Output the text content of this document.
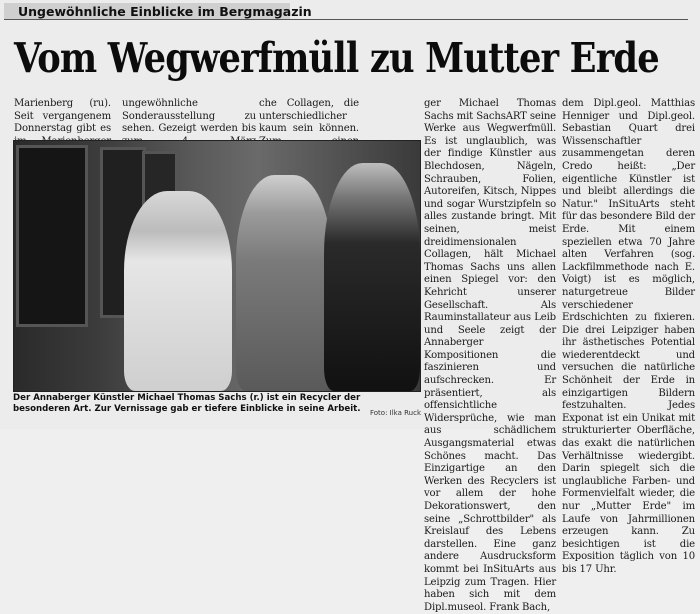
Ungewöhnliche Einblicke im Bergmagazin
Vom Wegwerfmüll zu Mutter Erde
Marienberg (ru). Seit vergangenem Donnerstag gibt es
ungewöhnliche Sonderausstellung zu sehen. Gezeigt werden bis
che Collagen, die unterschiedlicher kaum sein können.
ger Michael Thomas Sachs mit SachsART seine Werke aus Wegwerfmüll. Es ist unglaublich, was der findige Künstler aus Blechdosen, Nägeln, Schrauben, Folien, Autoreifen, Kitsch, Nippes und sogar Wurstzipfeln so alles zustande bringt. Mit seinen, meist dreidimensionalen Collagen, hält Michael Thomas Sachs uns allen einen Spiegel vor: den Kehricht unserer Gesellschaft. Als Rauminstallateur aus Leib und Seele zeigt der Annaberger Kompositionen die faszinieren und aufschrecken. Er präsentiert, als offensichtliche Widersprüche, wie man aus schädlichem Ausgangsmaterial etwas Schönes macht. Das Einzigartige an den Werken des Recyclers ist vor allem der hohe Dekorationswert, den seine „Schrottbilder" als Kreislauf des Lebens darstellen. Eine ganz andere Ausdrucksform kommt bei InSituArts aus Leipzig zum Tragen. Hier haben sich mit dem Dipl.museol. Frank Bach,
dem Dipl.geol. Matthias Henniger und Dipl.geol. Sebastian Quart drei Wissenschaftler zusammengetan deren Credo heißt: „Der eigentliche Künstler ist und bleibt allerdings die Natur." InSituArts steht für das besondere Bild der Erde. Mit einem speziellen etwa 70 Jahre alten Verfahren (sog. Lackfilmmethode nach E. Voigt) ist es möglich, naturgetreue Bilder verschiedener Erdschichten zu fixieren. Die drei Leipziger haben ihr ästhetisches Potential wiederentdeckt und versuchen die natürliche Schönheit der Erde in einzigartigen Bildern festzuhalten. Jedes Exponat ist ein Unikat mit strukturierter Oberfläche, das exakt die natürlichen Verhältnisse wiedergibt. Darin spiegelt sich die unglaubliche Farben- und Formenvielfalt wieder, die nur „Mutter Erde" im Laufe von Jahrmillionen erzeugen kann. Zu besichtigen ist die Exposition täglich von 10 bis 17 Uhr.
Der Annaberger Künstler Michael Thomas Sachs (r.) ist ein Recycler der besonderen Art. Zur Vernissage gab er tiefere Einblicke in seine Arbeit.	Foto: Ilka Ruck
